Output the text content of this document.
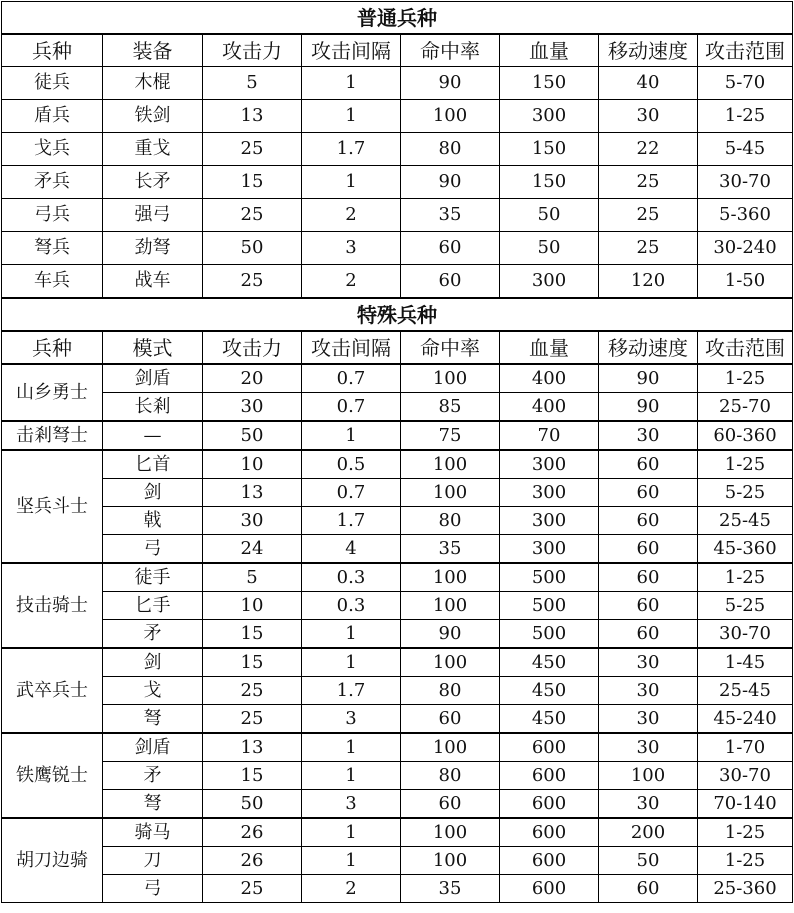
普通兵种							
兵种	装备	攻击力	攻击间隔	命中率	血量	移动速度	攻击范围
徒兵	木棍	5	1	90	150	40	5-70
盾兵	铁剑	13	1	100	300	30	1-25
戈兵	重戈	25	1.7	80	150	22	5-45
矛兵	长矛	15	1	90	150	25	30-70
弓兵	强弓	25	2	35	50	25	5-360
弩兵	劲弩	50	3	60	50	25	30-240
车兵	战车	25	2	60	300	120	1-50
特殊兵种							
兵种	模式	攻击力	攻击间隔	命中率	血量	移动速度	攻击范围
山乡勇士	剑盾	20	0.7	100	400	90	1-25
	长剎	30	0.7	85	400	90	25-70
击剎弩士	—	50	1	75	70	30	60-360
坚兵斗士	匕首	10	0.5	100	300	60	1-25
	剑	13	0.7	100	300	60	5-25
	戟	30	1.7	80	300	60	25-45
	弓	24	4	35	300	60	45-360
技击骑士	徒手	5	0.3	100	500	60	1-25
	匕手	10	0.3	100	500	60	5-25
	矛	15	1	90	500	60	30-70
武卒兵士	剑	15	1	100	450	30	1-45
	戈	25	1.7	80	450	30	25-45
	弩	25	3	60	450	30	45-240
铁鹰锐士	剑盾	13	1	100	600	30	1-70
	矛	15	1	80	600	100	30-70
	弩	50	3	60	600	30	70-140
胡刀边骑	骑马	26	1	100	600	200	1-25
	刀	26	1	100	600	50	1-25
	弓	25	2	35	600	60	25-360
